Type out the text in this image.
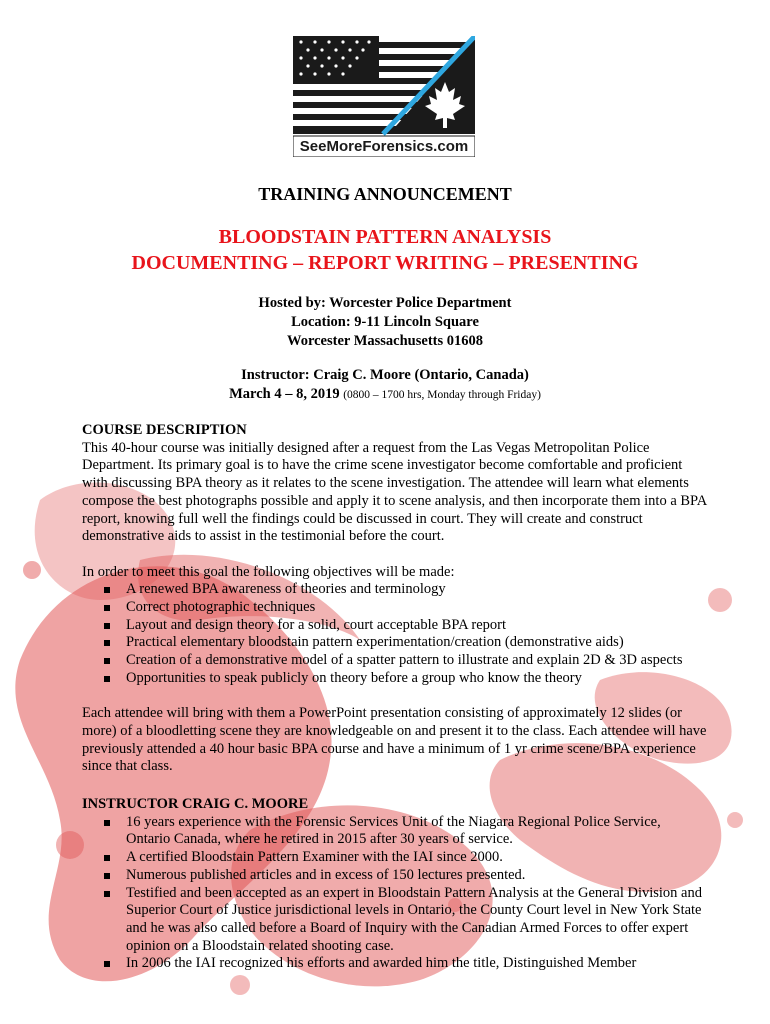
SeeMoreForensics.com
TRAINING ANNOUNCEMENT
BLOODSTAIN PATTERN ANALYSIS
DOCUMENTING – REPORT WRITING – PRESENTING
Hosted by: Worcester Police Department
Location: 9-11 Lincoln Square
Worcester Massachusetts 01608
Instructor: Craig C. Moore (Ontario, Canada)
March 4 – 8, 2019 (0800 – 1700 hrs, Monday through Friday)
COURSE DESCRIPTION

This 40-hour course was initially designed after a request from the Las Vegas Metropolitan Police Department. Its primary goal is to have the crime scene investigator become comfortable and proficient with discussing BPA theory as it relates to the scene investigation. The attendee will learn what elements compose the best photographs possible and apply it to scene analysis, and then incorporate them into a BPA report, knowing full well the findings could be discussed in court. They will create and construct demonstrative aids to assist in the testimonial before the court.

In order to meet this goal the following objectives will be made:

A renewed BPA awareness of theories and terminology
Correct photographic techniques
Layout and design theory for a solid, court acceptable BPA report
Practical elementary bloodstain pattern experimentation/creation (demonstrative aids)
Creation of a demonstrative model of a spatter pattern to illustrate and explain 2D & 3D aspects
Opportunities to speak publicly on theory before a group who know the theory

Each attendee will bring with them a PowerPoint presentation consisting of approximately 12 slides (or more) of a bloodletting scene they are knowledgeable on and present it to the class. Each attendee will have previously attended a 40 hour basic BPA course and have a minimum of 1 yr crime scene/BPA experience since that class.

INSTRUCTOR CRAIG C. MOORE
16 years experience with the Forensic Services Unit of the Niagara Regional Police Service, Ontario Canada, where he retired in 2015 after 30 years of service.
A certified Bloodstain Pattern Examiner with the IAI since 2000.
Numerous published articles and in excess of 150 lectures presented.
Testified and been accepted as an expert in Bloodstain Pattern Analysis at the General Division and Superior Court of Justice jurisdictional levels in Ontario, the County Court level in New York State and he was also called before a Board of Inquiry with the Canadian Armed Forces to offer expert opinion on a Bloodstain related shooting case.
In 2006 the IAI recognized his efforts and awarded him the title, Distinguished Member
